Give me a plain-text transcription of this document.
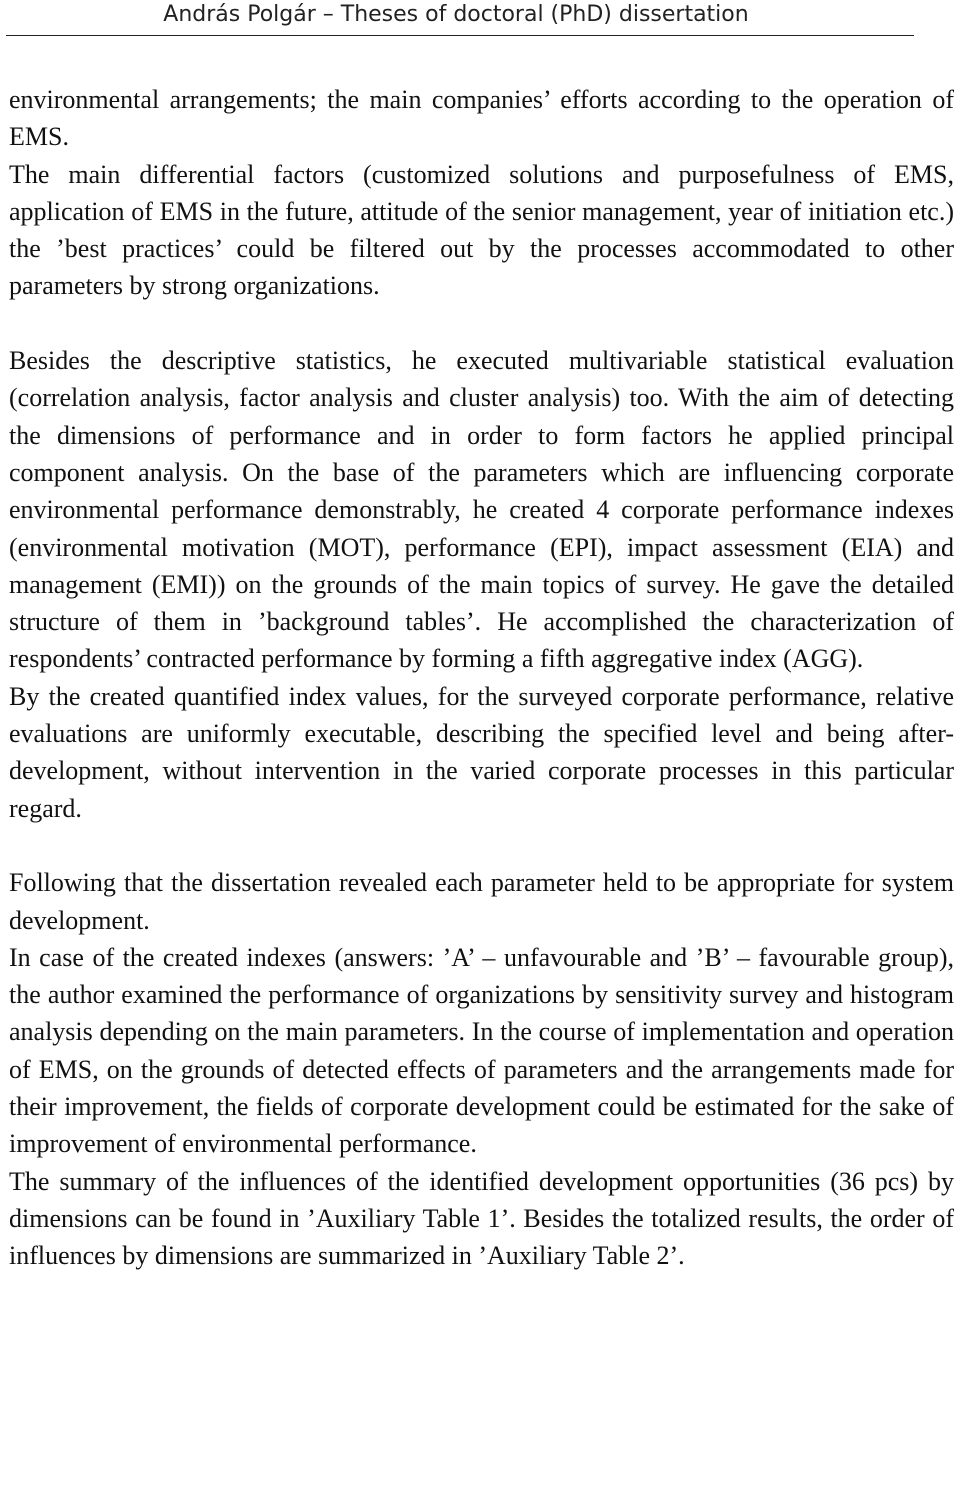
András Polgár – Theses of doctoral (PhD) dissertation

environmental arrangements; the main companies’ efforts according to the operation of EMS.

The main differential factors (customized solutions and purposefulness of EMS, application of EMS in the future, attitude of the senior management, year of initiation etc.) the ’best practices’ could be filtered out by the processes accommodated to other parameters by strong organizations.

Besides the descriptive statistics, he executed multivariable statistical evaluation (correlation analysis, factor analysis and cluster analysis) too. With the aim of detecting the dimensions of performance and in order to form factors he applied principal component analysis. On the base of the parameters which are influencing corporate environmental performance demonstrably, he created 4 corporate performance indexes (environmental motivation (MOT), performance (EPI), impact assessment (EIA) and management (EMI)) on the grounds of the main topics of survey. He gave the detailed structure of them in ’background tables’. He accomplished the characterization of respondents’ contracted performance by forming a fifth aggregative index (AGG).

By the created quantified index values, for the surveyed corporate performance, relative evaluations are uniformly executable, describing the specified level and being after-development, without intervention in the varied corporate processes in this particular regard.

Following that the dissertation revealed each parameter held to be appropriate for system development.

In case of the created indexes (answers: ’A’ – unfavourable and ’B’ – favourable group), the author examined the performance of organizations by sensitivity survey and histogram analysis depending on the main parameters. In the course of implementation and operation of EMS, on the grounds of detected effects of parameters and the arrangements made for their improvement, the fields of corporate development could be estimated for the sake of improvement of environmental performance.

The summary of the influences of the identified development opportunities (36 pcs) by dimensions can be found in ’Auxiliary Table 1’. Besides the totalized results, the order of influences by dimensions are summarized in ’Auxiliary Table 2’.
